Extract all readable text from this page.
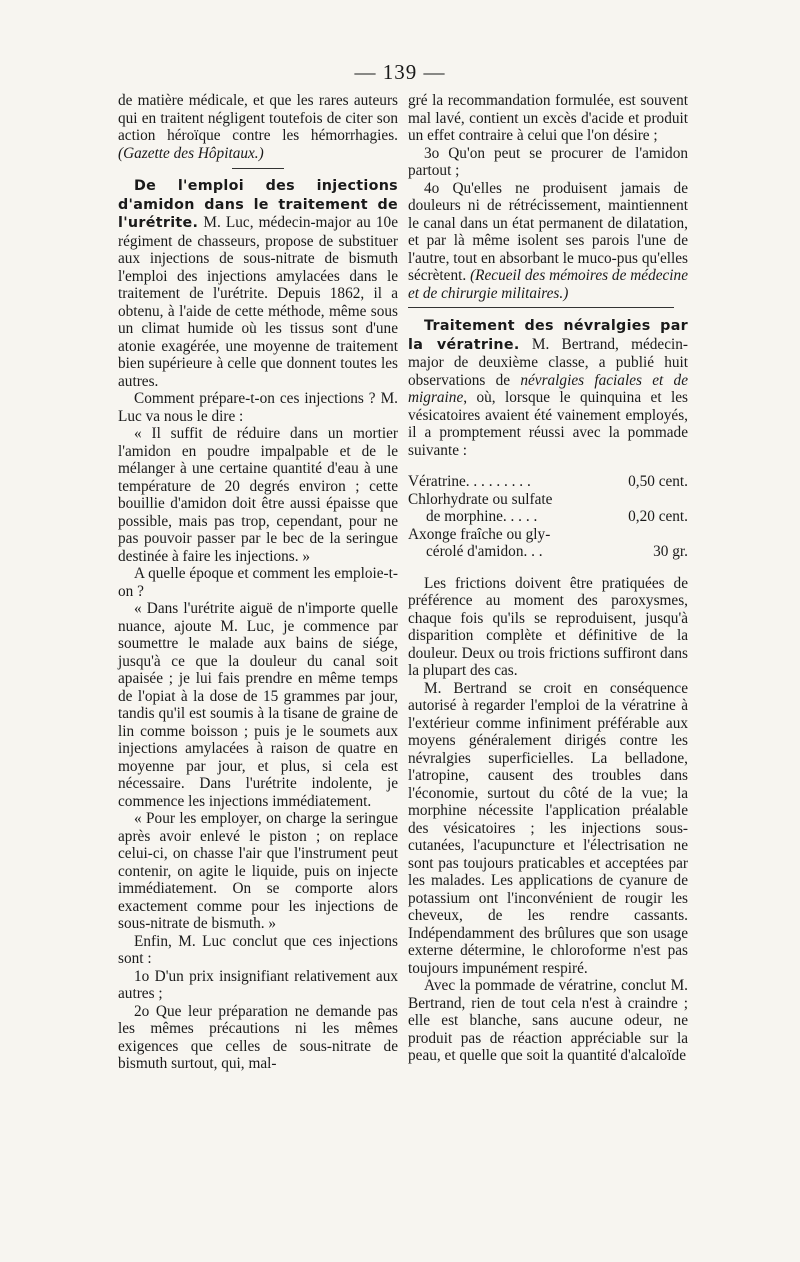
— 139 —

de matière médicale, et que les rares auteurs qui en traitent négligent toutefois de citer son action héroïque contre les hémorrhagies. (Gazette des Hôpitaux.)

De l'emploi des injections d'amidon dans le traitement de l'urétrite. M. Luc, médecin-major au 10e régiment de chasseurs, propose de substituer aux injections de sous-nitrate de bismuth l'emploi des injections amylacées dans le traitement de l'urétrite. Depuis 1862, il a obtenu, à l'aide de cette méthode, même sous un climat humide où les tissus sont d'une atonie exagérée, une moyenne de traitement bien supérieure à celle que donnent toutes les autres.

Comment prépare-t-on ces injections ? M. Luc va nous le dire :

« Il suffit de réduire dans un mortier l'amidon en poudre impalpable et de le mélanger à une certaine quantité d'eau à une température de 20 degrés environ ; cette bouillie d'amidon doit être aussi épaisse que possible, mais pas trop, cependant, pour ne pas pouvoir passer par le bec de la seringue destinée à faire les injections. »

A quelle époque et comment les emploie-t-on ?

« Dans l'urétrite aiguë de n'importe quelle nuance, ajoute M. Luc, je commence par soumettre le malade aux bains de siége, jusqu'à ce que la douleur du canal soit apaisée ; je lui fais prendre en même temps de l'opiat à la dose de 15 grammes par jour, tandis qu'il est soumis à la tisane de graine de lin comme boisson ; puis je le soumets aux injections amylacées à raison de quatre en moyenne par jour, et plus, si cela est nécessaire. Dans l'urétrite indolente, je commence les injections immédiatement.

« Pour les employer, on charge la seringue après avoir enlevé le piston ; on replace celui-ci, on chasse l'air que l'instrument peut contenir, on agite le liquide, puis on injecte immédiatement. On se comporte alors exactement comme pour les injections de sous-nitrate de bismuth. »

Enfin, M. Luc conclut que ces injections sont :

1o D'un prix insignifiant relativement aux autres ;

2o Que leur préparation ne demande pas les mêmes précautions ni les mêmes exigences que celles de sous-nitrate de bismuth surtout, qui, mal-

gré la recommandation formulée, est souvent mal lavé, contient un excès d'acide et produit un effet contraire à celui que l'on désire ;

3o Qu'on peut se procurer de l'amidon partout ;

4o Qu'elles ne produisent jamais de douleurs ni de rétrécissement, maintiennent le canal dans un état permanent de dilatation, et par là même isolent ses parois l'une de l'autre, tout en absorbant le muco-pus qu'elles sécrètent. (Recueil des mémoires de médecine et de chirurgie militaires.)

Traitement des névralgies par la vératrine. M. Bertrand, médecin-major de deuxième classe, a publié huit observations de névralgies faciales et de migraine, où, lorsque le quinquina et les vésicatoires avaient été vainement employés, il a promptement réussi avec la pommade suivante :

Vératrine. . . . . . . . .	0,50 cent.
Chlorhydrate ou sulfate
de morphine. . . . .	0,20 cent.
Axonge fraîche ou gly-
cérolé d'amidon. . .	30 gr.

Les frictions doivent être pratiquées de préférence au moment des paroxysmes, chaque fois qu'ils se reproduisent, jusqu'à disparition complète et définitive de la douleur. Deux ou trois frictions suffiront dans la plupart des cas.

M. Bertrand se croit en conséquence autorisé à regarder l'emploi de la vératrine à l'extérieur comme infiniment préférable aux moyens généralement dirigés contre les névralgies superficielles. La belladone, l'atropine, causent des troubles dans l'économie, surtout du côté de la vue; la morphine nécessite l'application préalable des vésicatoires ; les injections sous-cutanées, l'acupuncture et l'électrisation ne sont pas toujours praticables et acceptées par les malades. Les applications de cyanure de potassium ont l'inconvénient de rougir les cheveux, de les rendre cassants. Indépendamment des brûlures que son usage externe détermine, le chloroforme n'est pas toujours impunément respiré.

Avec la pommade de vératrine, conclut M. Bertrand, rien de tout cela n'est à craindre ; elle est blanche, sans aucune odeur, ne produit pas de réaction appréciable sur la peau, et quelle que soit la quantité d'alcaloïde
